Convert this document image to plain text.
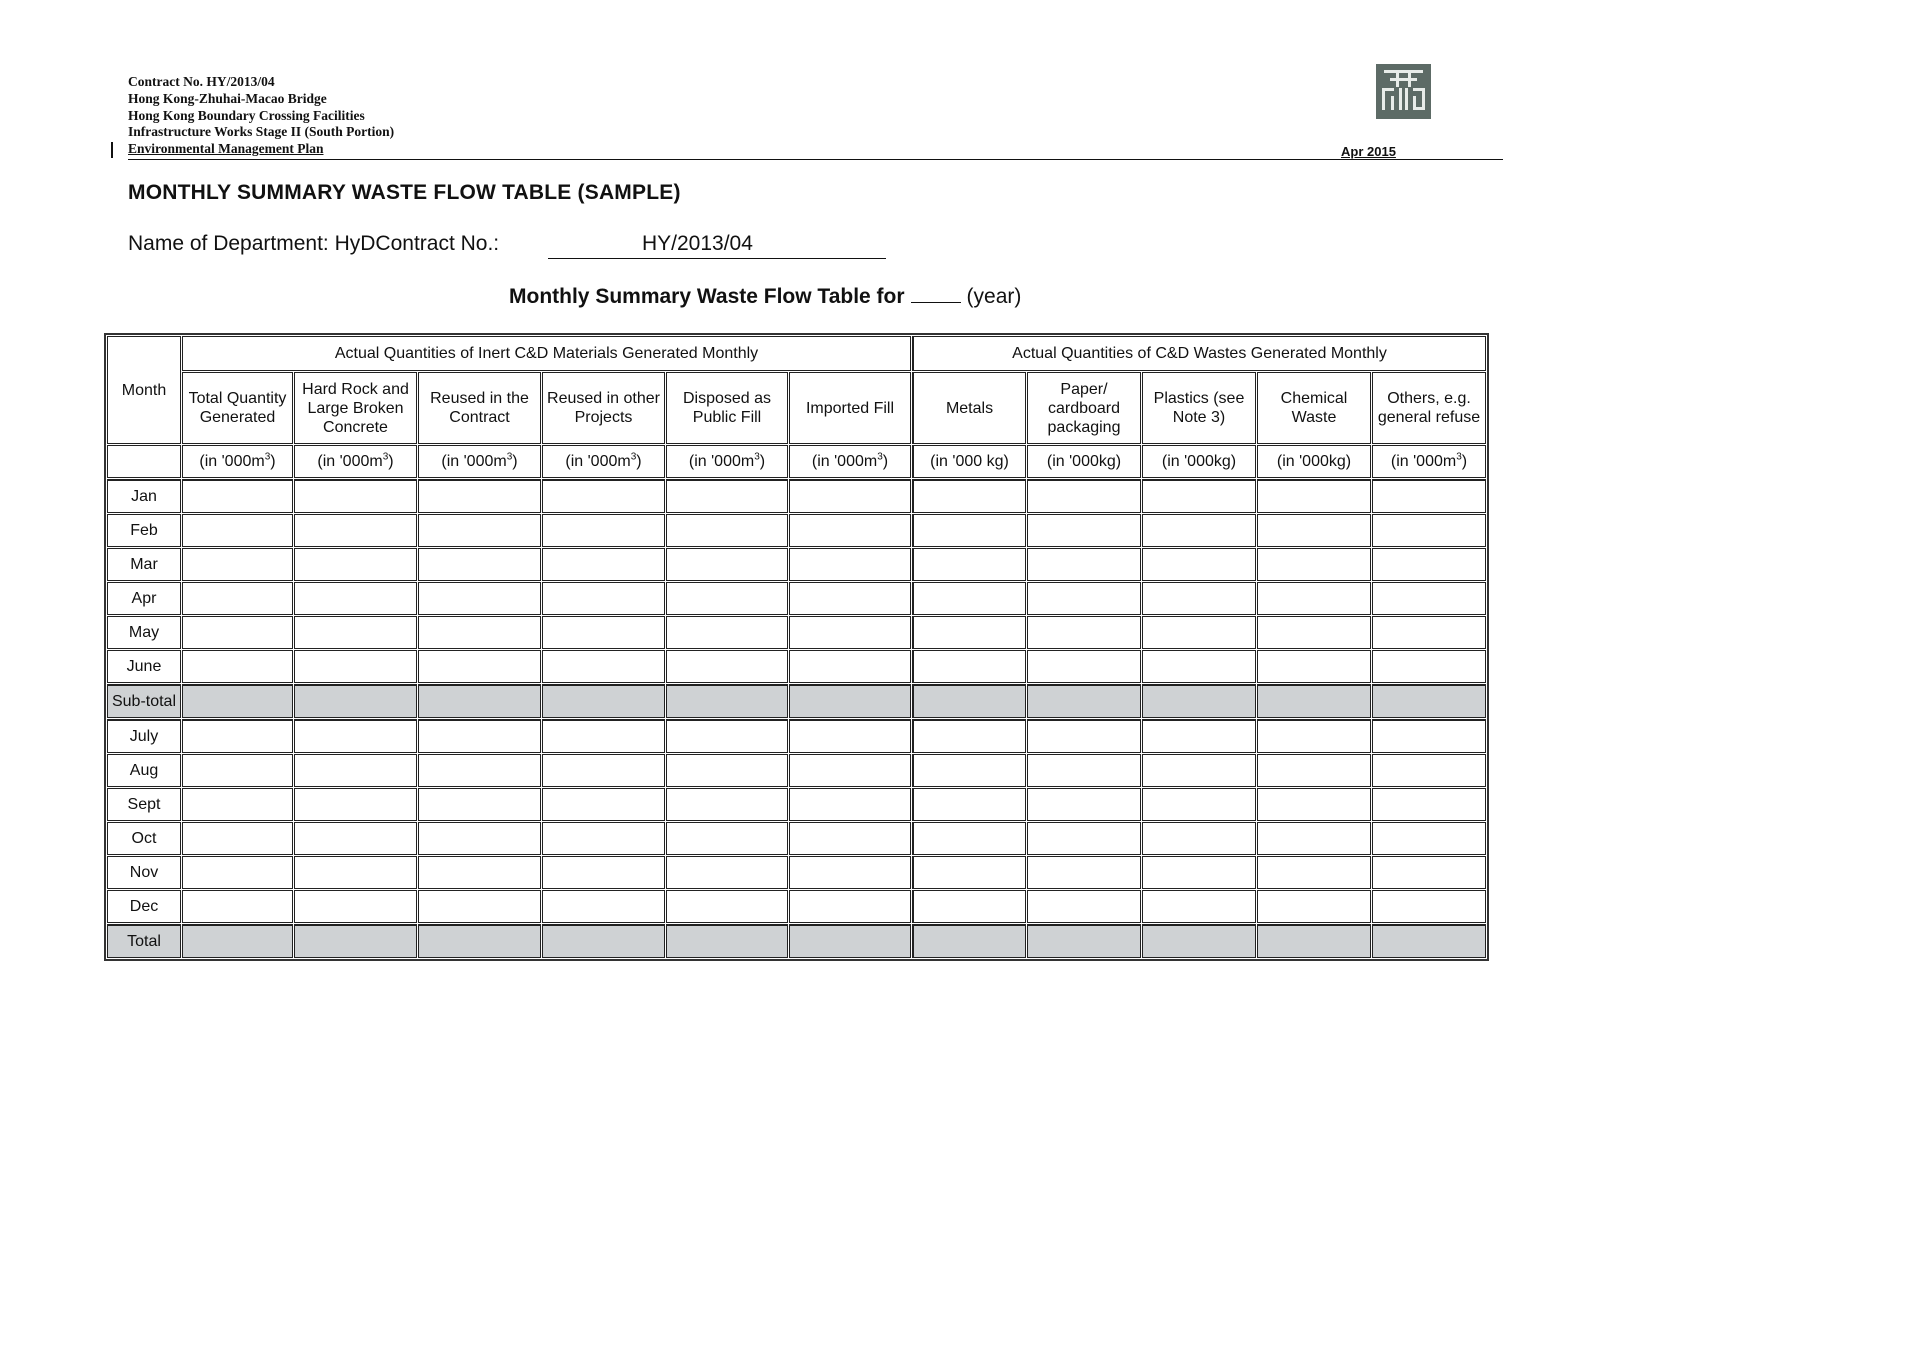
Contract No. HY/2013/04
Hong Kong-Zhuhai-Macao Bridge
Hong Kong Boundary Crossing Facilities
Infrastructure Works Stage II (South Portion)
Environmental Management Plan	Apr 2015
MONTHLY SUMMARY WASTE FLOW TABLE (SAMPLE)
Name of Department: HyDContract No.:	HY/2013/04
Monthly Summary Waste Flow Table for	(year)
Month	Actual Quantities of Inert C&D Materials Generated Monthly						Actual Quantities of C&D Wastes Generated Monthly				
	Total Quantity Generated	Hard Rock and Large Broken Concrete	Reused in the Contract	Reused in other Projects	Disposed as Public Fill	Imported Fill	Metals	Paper/ cardboard packaging	Plastics (see Note 3)	Chemical Waste	Others, e.g. general refuse
	(in '$000m^3$)	(in '$000m^3$)	(in '$000m^3$)	(in '$000m^3$)	(in '$000m^3$)	(in '$000m^3$)	(in '000 kg)	(in '000kg)	(in '000kg)	(in '000kg)	(in '$000m^3$)
Jan											
Feb											
Mar											
Apr											
May											
June											
Sub-total											
July											
Aug											
Sept											
Oct											
Nov											
Dec											
Total											
